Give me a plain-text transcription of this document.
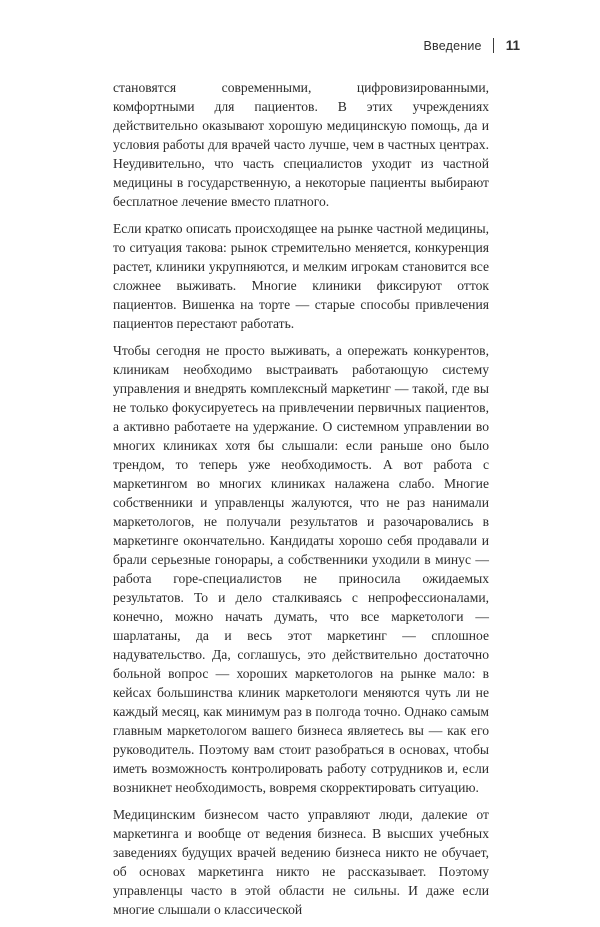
Введение 11

становятся современными, цифровизированными, комфортными для пациентов. В этих учреждениях действительно оказывают хорошую медицинскую помощь, да и условия работы для врачей часто лучше, чем в частных центрах. Неудивительно, что часть специалистов уходит из частной медицины в государственную, а некоторые пациенты выбирают бесплатное лечение вместо платного.

Если кратко описать происходящее на рынке частной медицины, то ситуация такова: рынок стремительно меняется, конкуренция растет, клиники укрупняются, и мелким игрокам становится все сложнее выживать. Многие клиники фиксируют отток пациентов. Вишенка на торте — старые способы привлечения пациентов перестают работать.

Чтобы сегодня не просто выживать, а опережать конкурентов, клиникам необходимо выстраивать работающую систему управления и внедрять комплексный маркетинг — такой, где вы не только фокусируетесь на привлечении первичных пациентов, а активно работаете на удержание. О системном управлении во многих клиниках хотя бы слышали: если раньше оно было трендом, то теперь уже необходимость. А вот работа с маркетингом во многих клиниках налажена слабо. Многие собственники и управленцы жалуются, что не раз нанимали маркетологов, не получали результатов и разочаровались в маркетинге окончательно. Кандидаты хорошо себя продавали и брали серьезные гонорары, а собственники уходили в минус — работа горе-специалистов не приносила ожидаемых результатов. То и дело сталкиваясь с непрофессионалами, конечно, можно начать думать, что все маркетологи — шарлатаны, да и весь этот маркетинг — сплошное надувательство. Да, соглашусь, это действительно достаточно больной вопрос — хороших маркетологов на рынке мало: в кейсах большинства клиник маркетологи меняются чуть ли не каждый месяц, как минимум раз в полгода точно. Однако самым главным маркетологом вашего бизнеса являетесь вы — как его руководитель. Поэтому вам стоит разобраться в основах, чтобы иметь возможность контролировать работу сотрудников и, если возникнет необходимость, вовремя скорректировать ситуацию.

Медицинским бизнесом часто управляют люди, далекие от маркетинга и вообще от ведения бизнеса. В высших учебных заведениях будущих врачей ведению бизнеса никто не обучает, об основах маркетинга никто не рассказывает. Поэтому управленцы часто в этой области не сильны. И даже если многие слышали о классической
